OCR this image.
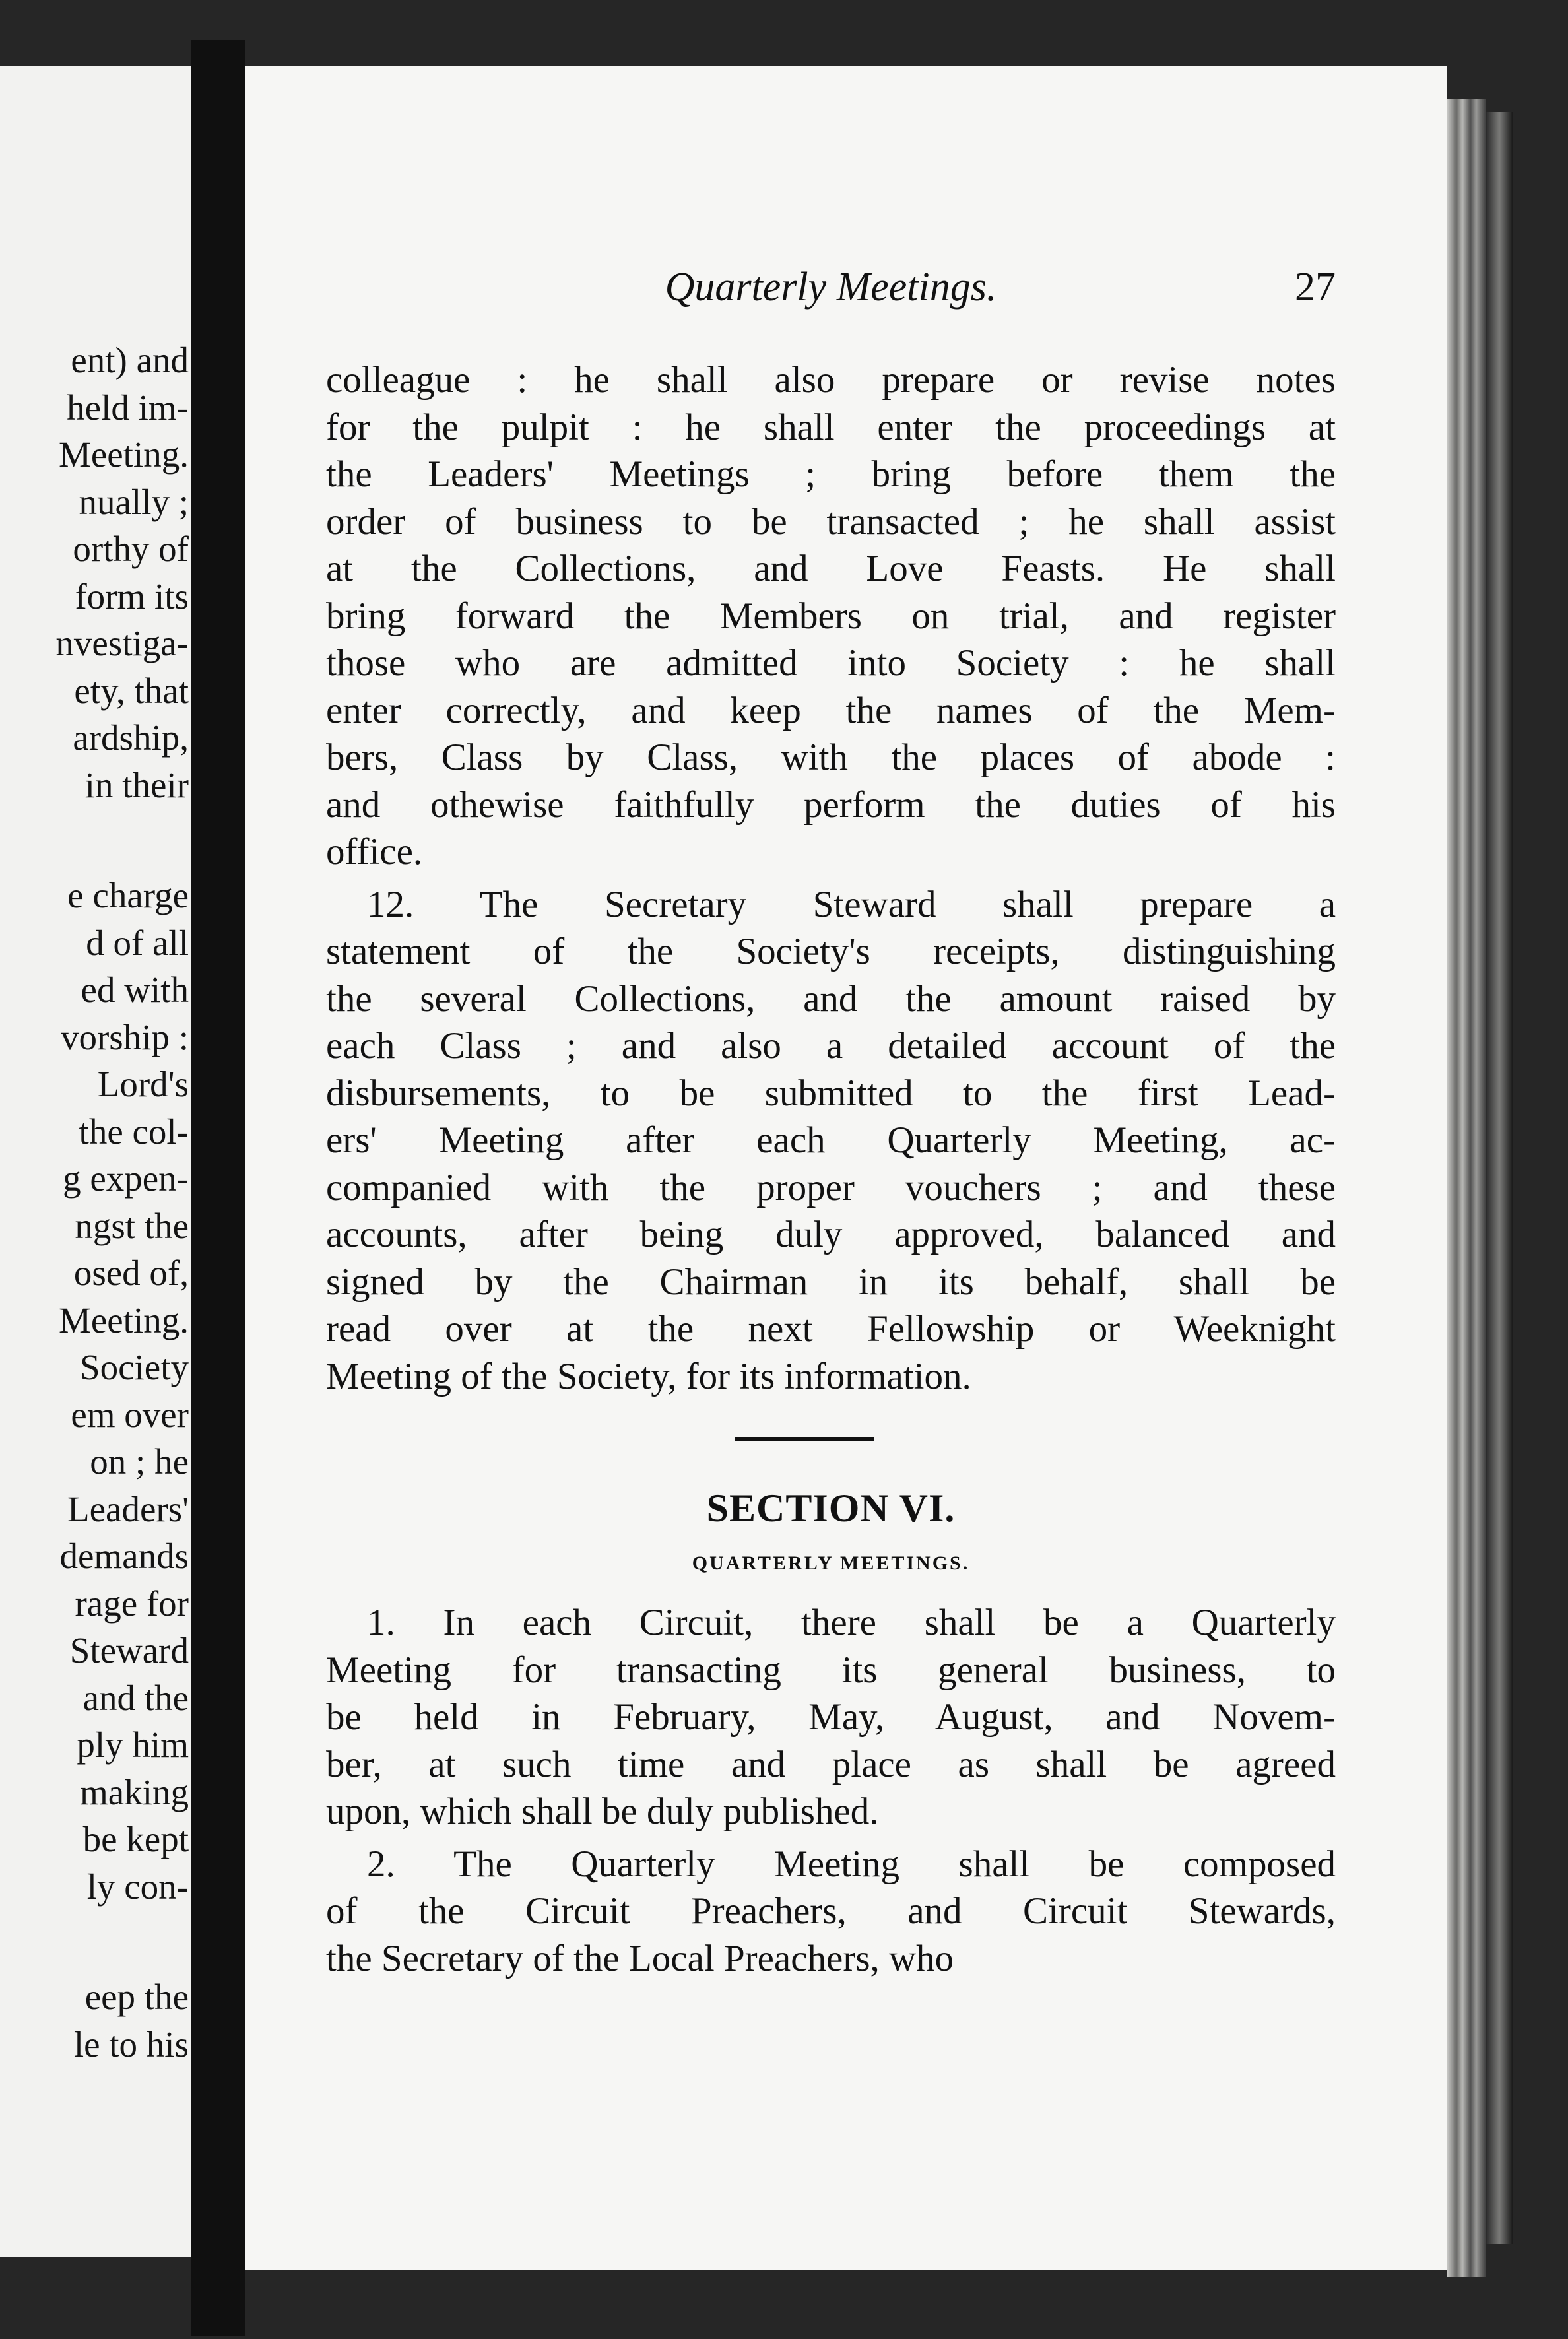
ent) and
held im-
Meeting.
nually ;
orthy of
form its
nvestiga-
ety, that
ardship,
in their
e charge
d of all
ed with
vorship :
Lord's
the col-
g expen-
ngst the
osed of,
Meeting.
Society
em over
on ; he
Leaders'
demands
rage for
Steward
and the
ply him
making
be kept
ly con-
eep the
le to his
Quarterly Meetings.	27

colleague : he shall also prepare or revise notes
for the pulpit : he shall enter the proceedings at
the Leaders' Meetings ; bring before them the
order of business to be transacted ; he shall assist
at the Collections, and Love Feasts. He shall
bring forward the Members on trial, and register
those who are admitted into Society : he shall
enter correctly, and keep the names of the Mem-
bers, Class by Class, with the places of abode :
and othewise faithfully perform the duties of his
office.

12. The Secretary Steward shall prepare a
statement of the Society's receipts, distinguishing
the several Collections, and the amount raised by
each Class ; and also a detailed account of the
disbursements, to be submitted to the first Lead-
ers' Meeting after each Quarterly Meeting, ac-
companied with the proper vouchers ; and these
accounts, after being duly approved, balanced and
signed by the Chairman in its behalf, shall be
read over at the next Fellowship or Weeknight
Meeting of the Society, for its information.

SECTION VI.
QUARTERLY MEETINGS.

1. In each Circuit, there shall be a Quarterly
Meeting for transacting its general business, to
be held in February, May, August, and Novem-
ber, at such time and place as shall be agreed
upon, which shall be duly published.

2. The Quarterly Meeting shall be composed
of the Circuit Preachers, and Circuit Stewards,
the Secretary of the Local Preachers, who
